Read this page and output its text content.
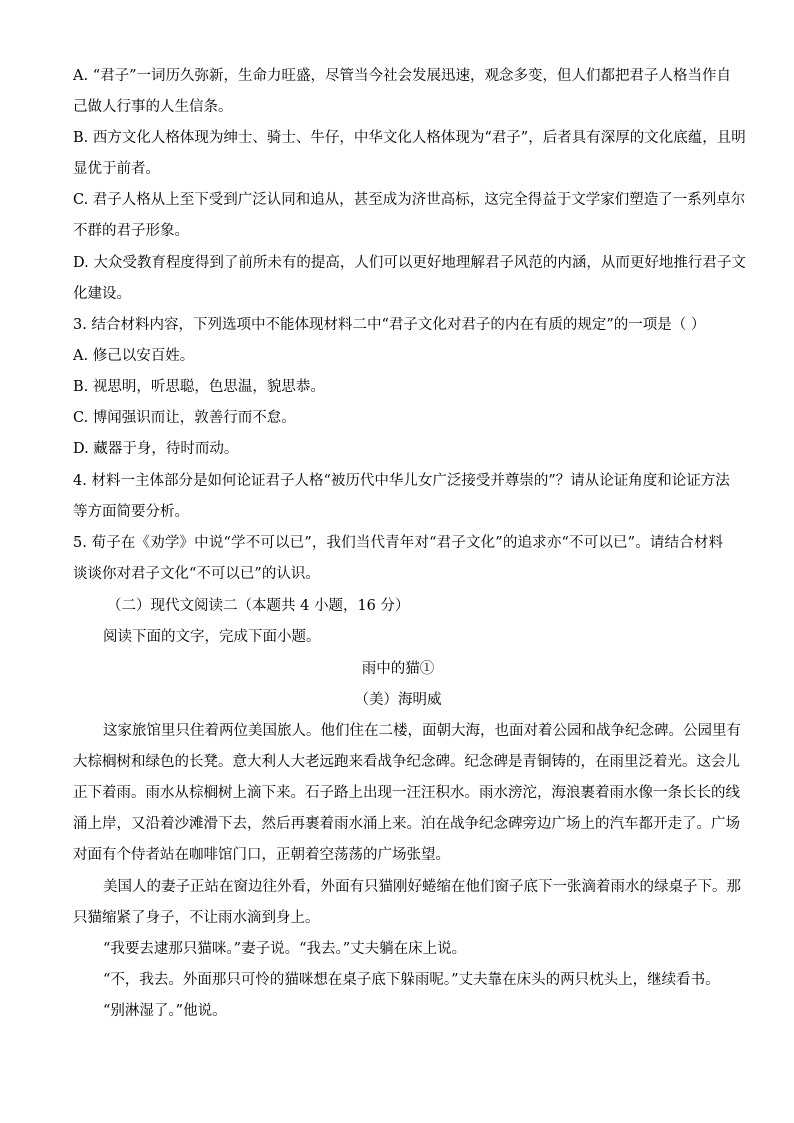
A. “君子”一词历久弥新，生命力旺盛，尽管当今社会发展迅速，观念多变，但人们都把君子人格当作自
己做人行事的人生信条。
B. 西方文化人格体现为绅士、骑士、牛仔，中华文化人格体现为“君子”，后者具有深厚的文化底蕴，且明
显优于前者。
C. 君子人格从上至下受到广泛认同和追从，甚至成为济世高标，这完全得益于文学家们塑造了一系列卓尔
不群的君子形象。
D. 大众受教育程度得到了前所未有的提高，人们可以更好地理解君子风范的内涵，从而更好地推行君子文
化建设。
3. 结合材料内容，下列选项中不能体现材料二中“君子文化对君子的内在有质的规定”的一项是（ ）
A. 修己以安百姓。
B. 视思明，听思聪，色思温，貌思恭。
C. 博闻强识而让，敦善行而不怠。
D. 藏器于身，待时而动。
4. 材料一主体部分是如何论证君子人格“被历代中华儿女广泛接受并尊崇的”？请从论证角度和论证方法
等方面简要分析。
5. 荀子在《劝学》中说“学不可以已”，我们当代青年对“君子文化”的追求亦“不可以已”。请结合材料
谈谈你对君子文化“不可以已”的认识。
（二）现代文阅读二（本题共 4 小题，16 分）
阅读下面的文字，完成下面小题。
雨中的猫①
（美）海明威
这家旅馆里只住着两位美国旅人。他们住在二楼，面朝大海，也面对着公园和战争纪念碑。公园里有
大棕榈树和绿色的长凳。意大利人大老远跑来看战争纪念碑。纪念碑是青铜铸的，在雨里泛着光。这会儿
正下着雨。雨水从棕榈树上滴下来。石子路上出现一汪汪积水。雨水滂沱，海浪裹着雨水像一条长长的线
涌上岸，又沿着沙滩滑下去，然后再裹着雨水涌上来。泊在战争纪念碑旁边广场上的汽车都开走了。广场
对面有个侍者站在咖啡馆门口，正朝着空荡荡的广场张望。
美国人的妻子正站在窗边往外看，外面有只猫刚好蜷缩在他们窗子底下一张滴着雨水的绿桌子下。那
只猫缩紧了身子，不让雨水滴到身上。
“我要去逮那只猫咪。”妻子说。“我去。”丈夫躺在床上说。
“不，我去。外面那只可怜的猫咪想在桌子底下躲雨呢。”丈夫靠在床头的两只枕头上，继续看书。
“别淋湿了。”他说。
